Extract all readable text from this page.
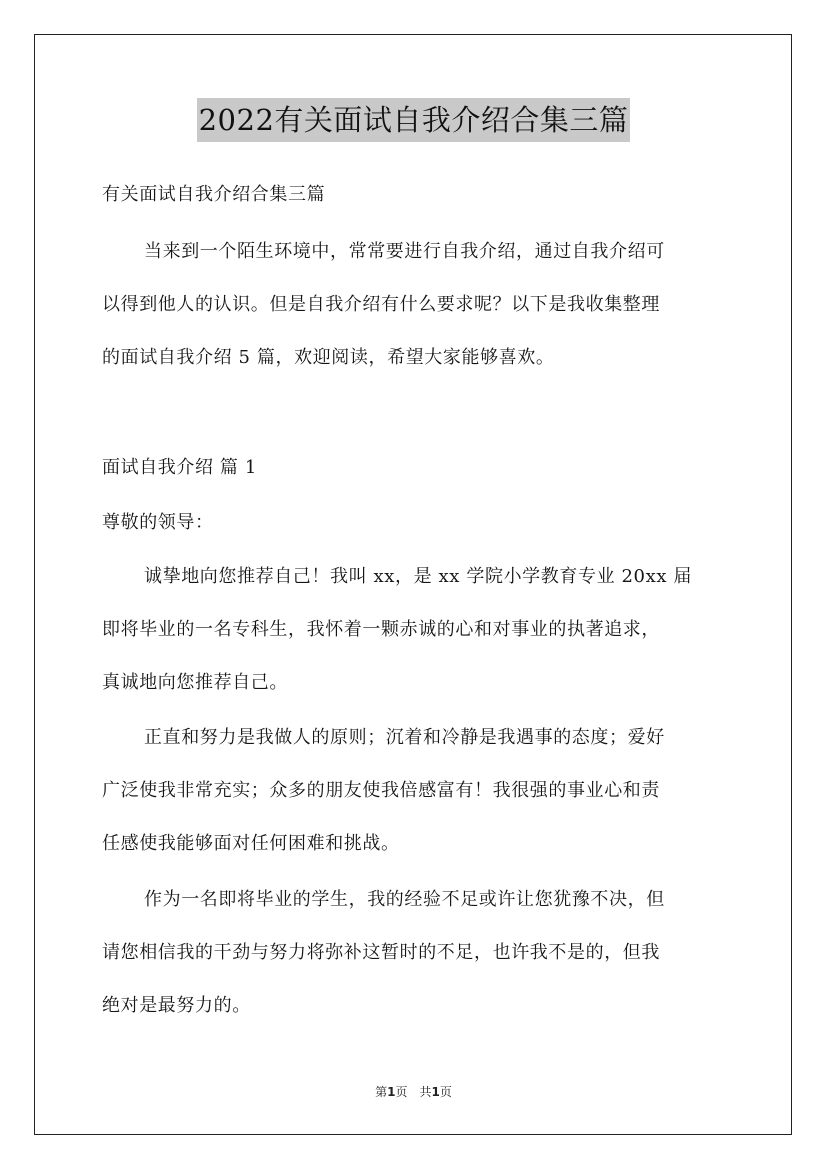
2022有关面试自我介绍合集三篇
有关面试自我介绍合集三篇
当来到一个陌生环境中，常常要进行自我介绍，通过自我介绍可
以得到他人的认识。但是自我介绍有什么要求呢？以下是我收集整理
的面试自我介绍 5 篇，欢迎阅读，希望大家能够喜欢。
面试自我介绍 篇 1
尊敬的领导：
诚挚地向您推荐自己！我叫 xx，是 xx 学院小学教育专业 20xx 届
即将毕业的一名专科生，我怀着一颗赤诚的心和对事业的执著追求，
真诚地向您推荐自己。
正直和努力是我做人的原则；沉着和冷静是我遇事的态度；爱好
广泛使我非常充实；众多的朋友使我倍感富有！我很强的事业心和责
任感使我能够面对任何困难和挑战。
作为一名即将毕业的学生，我的经验不足或许让您犹豫不决，但
请您相信我的干劲与努力将弥补这暂时的不足，也许我不是的，但我
绝对是最努力的。
第1页　共1页
